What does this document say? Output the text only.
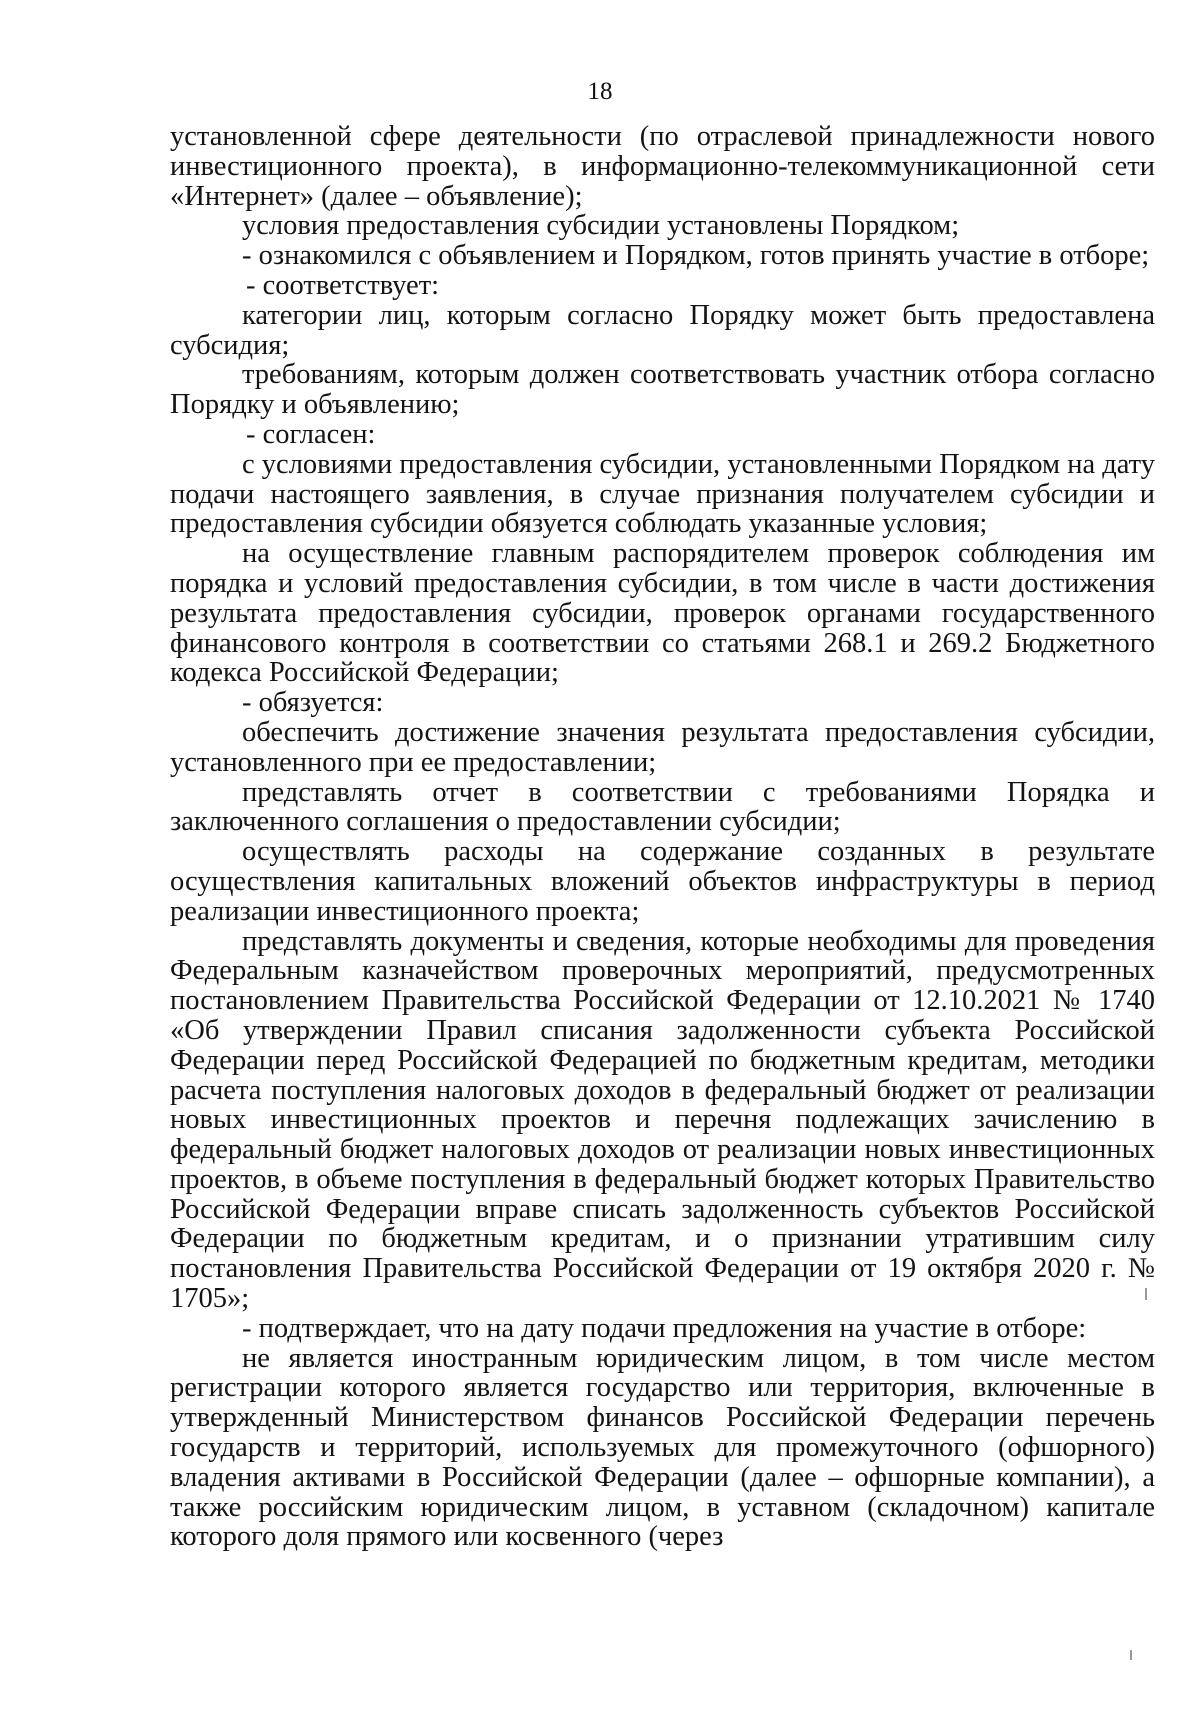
18

установленной сфере деятельности (по отраслевой принадлежности нового инвестиционного проекта), в информационно-телекоммуникационной сети «Интернет» (далее – объявление);

условия предоставления субсидии установлены Порядком;

- ознакомился с объявлением и Порядком, готов принять участие в отборе;

- соответствует:

категории лиц, которым согласно Порядку может быть предоставлена субсидия;

требованиям, которым должен соответствовать участник отбора согласно Порядку и объявлению;

- согласен:

с условиями предоставления субсидии, установленными Порядком на дату подачи настоящего заявления, в случае признания получателем субсидии и предоставления субсидии обязуется соблюдать указанные условия;

на осуществление главным распорядителем проверок соблюдения им порядка и условий предоставления субсидии, в том числе в части достижения результата предоставления субсидии, проверок органами государственного финансового контроля в соответствии со статьями 268.1 и 269.2 Бюджетного кодекса Российской Федерации;

- обязуется:

обеспечить достижение значения результата предоставления субсидии, установленного при ее предоставлении;

представлять отчет в соответствии с требованиями Порядка и заключенного соглашения о предоставлении субсидии;

осуществлять расходы на содержание созданных в результате осуществления капитальных вложений объектов инфраструктуры в период реализации инвестиционного проекта;

представлять документы и сведения, которые необходимы для проведения Федеральным казначейством проверочных мероприятий, предусмотренных постановлением Правительства Российской Федерации от 12.10.2021 № 1740 «Об утверждении Правил списания задолженности субъекта Российской Федерации перед Российской Федерацией по бюджетным кредитам, методики расчета поступления налоговых доходов в федеральный бюджет от реализации новых инвестиционных проектов и перечня подлежащих зачислению в федеральный бюджет налоговых доходов от реализации новых инвестиционных проектов, в объеме поступления в федеральный бюджет которых Правительство Российской Федерации вправе списать задолженность субъектов Российской Федерации по бюджетным кредитам, и о признании утратившим силу постановления Правительства Российской Федерации от 19 октября 2020 г. № 1705»;

- подтверждает, что на дату подачи предложения на участие в отборе:

не является иностранным юридическим лицом, в том числе местом регистрации которого является государство или территория, включенные в утвержденный Министерством финансов Российской Федерации перечень государств и территорий, используемых для промежуточного (офшорного) владения активами в Российской Федерации (далее – офшорные компании), а также российским юридическим лицом, в уставном (складочном) капитале которого доля прямого или косвенного (через
